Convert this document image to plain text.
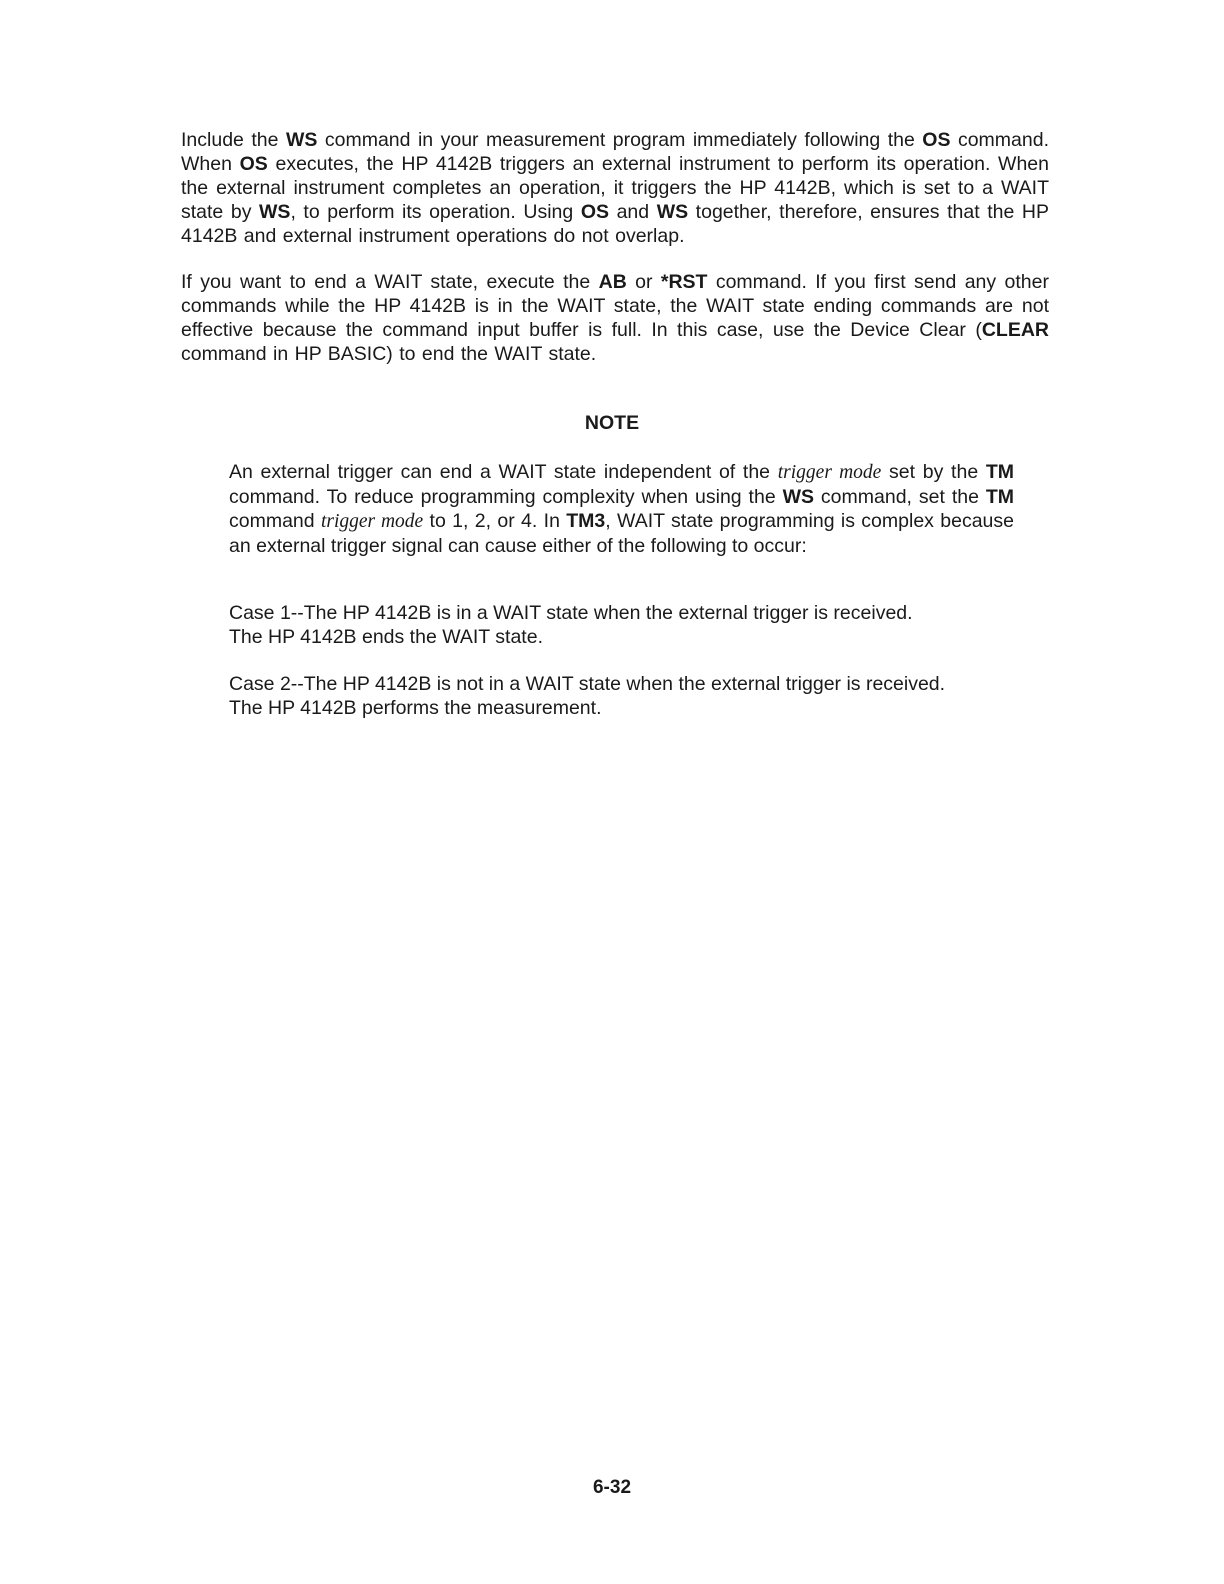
Include the WS command in your measurement program immediately following the OS command. When OS executes, the HP 4142B triggers an external instrument to perform its operation. When the external instrument completes an operation, it triggers the HP 4142B, which is set to a WAIT state by WS, to perform its operation. Using OS and WS together, therefore, ensures that the HP 4142B and external instrument operations do not overlap.
If you want to end a WAIT state, execute the AB or *RST command. If you first send any other commands while the HP 4142B is in the WAIT state, the WAIT state ending commands are not effective because the command input buffer is full. In this case, use the Device Clear (CLEAR command in HP BASIC) to end the WAIT state.
NOTE
An external trigger can end a WAIT state independent of the trigger mode set by the TM command. To reduce programming complexity when using the WS command, set the TM command trigger mode to 1, 2, or 4. In TM3, WAIT state programming is complex because an external trigger signal can cause either of the following to occur:
Case 1--The HP 4142B is in a WAIT state when the external trigger is received.
The HP 4142B ends the WAIT state.
Case 2--The HP 4142B is not in a WAIT state when the external trigger is received.
The HP 4142B performs the measurement.
6-32
